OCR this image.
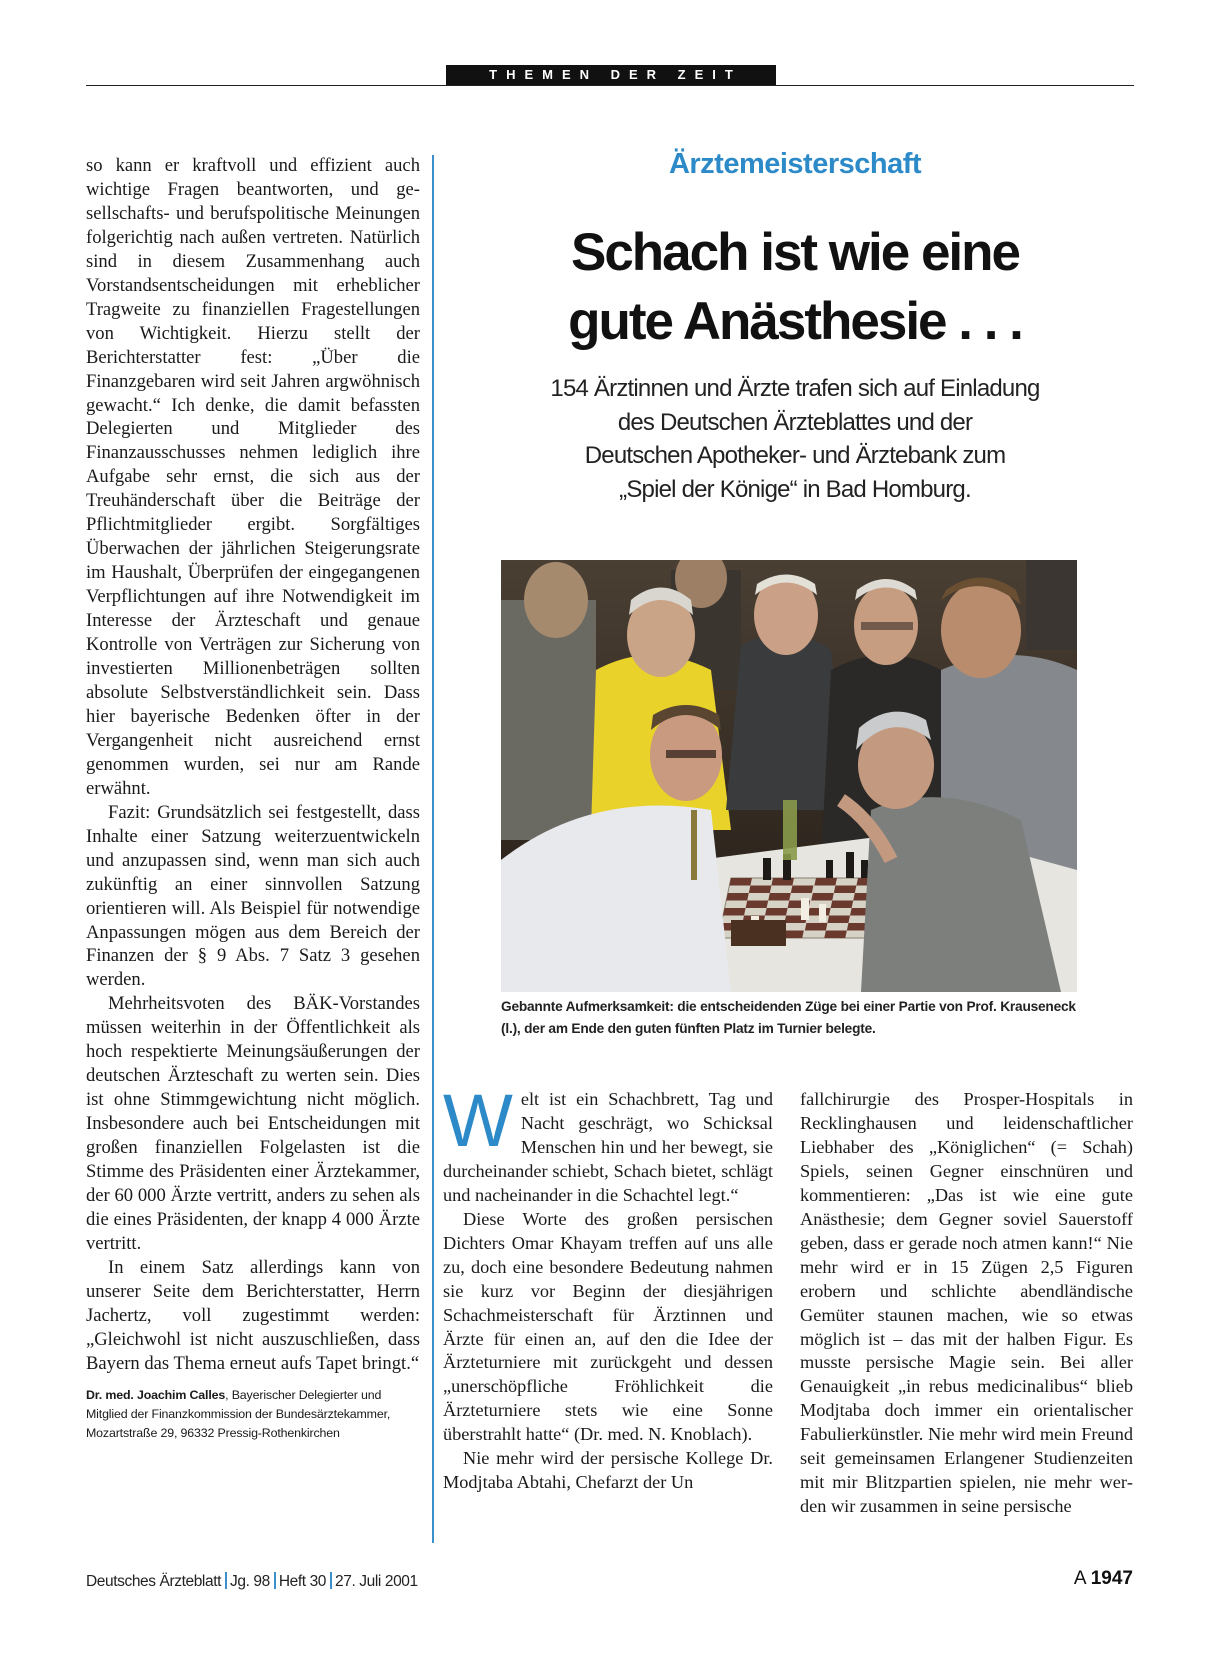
THEMEN DER ZEIT

so kann er kraftvoll und effizient auch wichtige Fragen beantworten, und gesellschafts- und berufspolitische Meinungen folgerichtig nach außen vertreten. Natürlich sind in diesem Zusammenhang auch Vorstandsentscheidungen mit erheblicher Tragweite zu finanziellen Fragestellungen von Wichtigkeit. Hierzu stellt der Berichterstatter fest: „Über die Finanzgebaren wird seit Jahren argwöhnisch gewacht.“ Ich denke, die damit befassten Delegierten und Mitglieder des Finanzausschusses nehmen lediglich ihre Aufgabe sehr ernst, die sich aus der Treuhänderschaft über die Beiträge der Pflichtmitglieder ergibt. Sorgfältiges Überwachen der jährlichen Steigerungsrate im Haushalt, Überprüfen der eingegangenen Verpflichtungen auf ihre Notwendigkeit im Interesse der Ärzteschaft und genaue Kontrolle von Verträgen zur Sicherung von investierten Millionenbeträgen sollten absolute Selbstverständlichkeit sein. Dass hier bayerische Bedenken öfter in der Vergangenheit nicht ausreichend ernst genommen wurden, sei nur am Rande erwähnt.

Fazit: Grundsätzlich sei festgestellt, dass Inhalte einer Satzung weiterzuentwickeln und anzupassen sind, wenn man sich auch zukünftig an einer sinnvollen Satzung orientieren will. Als Beispiel für notwendige Anpassungen mögen aus dem Bereich der Finanzen der § 9 Abs. 7 Satz 3 gesehen werden.

Mehrheitsvoten des BÄK-Vorstandes müssen weiterhin in der Öffentlichkeit als hoch respektierte Meinungsäußerungen der deutschen Ärzteschaft zu werten sein. Dies ist ohne Stimmgewichtung nicht möglich. Insbesondere auch bei Entscheidungen mit großen finanziellen Folgelasten ist die Stimme des Präsidenten einer Ärztekammer, der 60 000 Ärzte vertritt, anders zu sehen als die eines Präsidenten, der knapp 4 000 Ärzte vertritt.

In einem Satz allerdings kann von unserer Seite dem Berichterstatter, Herrn Jachertz, voll zugestimmt werden: „Gleichwohl ist nicht auszuschließen, dass Bayern das Thema erneut aufs Tapet bringt.“

Dr. med. Joachim Calles, Bayerischer Delegierter und Mitglied der Finanzkommission der Bundesärztekammer, Mozartstraße 29, 96332 Pressig-Rothenkirchen
Ärztemeisterschaft
Schach ist wie eine
gute Anästhesie . . .
154 Ärztinnen und Ärzte trafen sich auf Einladung
des Deutschen Ärzteblattes und der
Deutschen Apotheker- und Ärztebank zum
„Spiel der Könige“ in Bad Homburg.

Gebannte Aufmerksamkeit: die entscheidenden Züge bei einer Partie von Prof. Krauseneck (l.), der am Ende den guten fünften Platz im Turnier belegte.

Welt ist ein Schachbrett, Tag und Nacht geschrägt, wo Schicksal Menschen hin und her bewegt, sie durcheinander schiebt, Schach bietet, schlägt und nacheinander in die Schachtel legt.“

Diese Worte des großen persischen Dichters Omar Khayam treffen auf uns alle zu, doch eine besondere Bedeutung nahmen sie kurz vor Beginn der diesjährigen Schachmeisterschaft für Ärztinnen und Ärzte für einen an, auf den die Idee der Ärzteturniere mit zurückgeht und dessen „unerschöpfliche Fröhlichkeit die Ärzteturniere stets wie eine Sonne überstrahlt hatte“ (Dr. med. N. Knoblach).

Nie mehr wird der persische Kollege Dr. Modjtaba Abtahi, Chefarzt der Un

fallchirurgie des Prosper-Hospitals in Recklinghausen und leidenschaftlicher Liebhaber des „Königlichen“ (= Schah) Spiels, seinen Gegner einschnüren und kommentieren: „Das ist wie eine gute Anästhesie; dem Gegner soviel Sauerstoff geben, dass er gerade noch atmen kann!“ Nie mehr wird er in 15 Zügen 2,5 Figuren erobern und schlichte abendländische Gemüter staunen machen, wie so etwas möglich ist – das mit der halben Figur. Es musste persische Magie sein. Bei aller Genauigkeit „in rebus medicinalibus“ blieb Modjtaba doch immer ein orientalischer Fabulierkünstler. Nie mehr wird mein Freund seit gemeinsamen Erlangener Studienzeiten mit mir Blitzpartien spielen, nie mehr werden wir zusammen in seine persische

Deutsches Ärzteblatt Jg. 98 Heft 30 27. Juli 2001	A 1947
